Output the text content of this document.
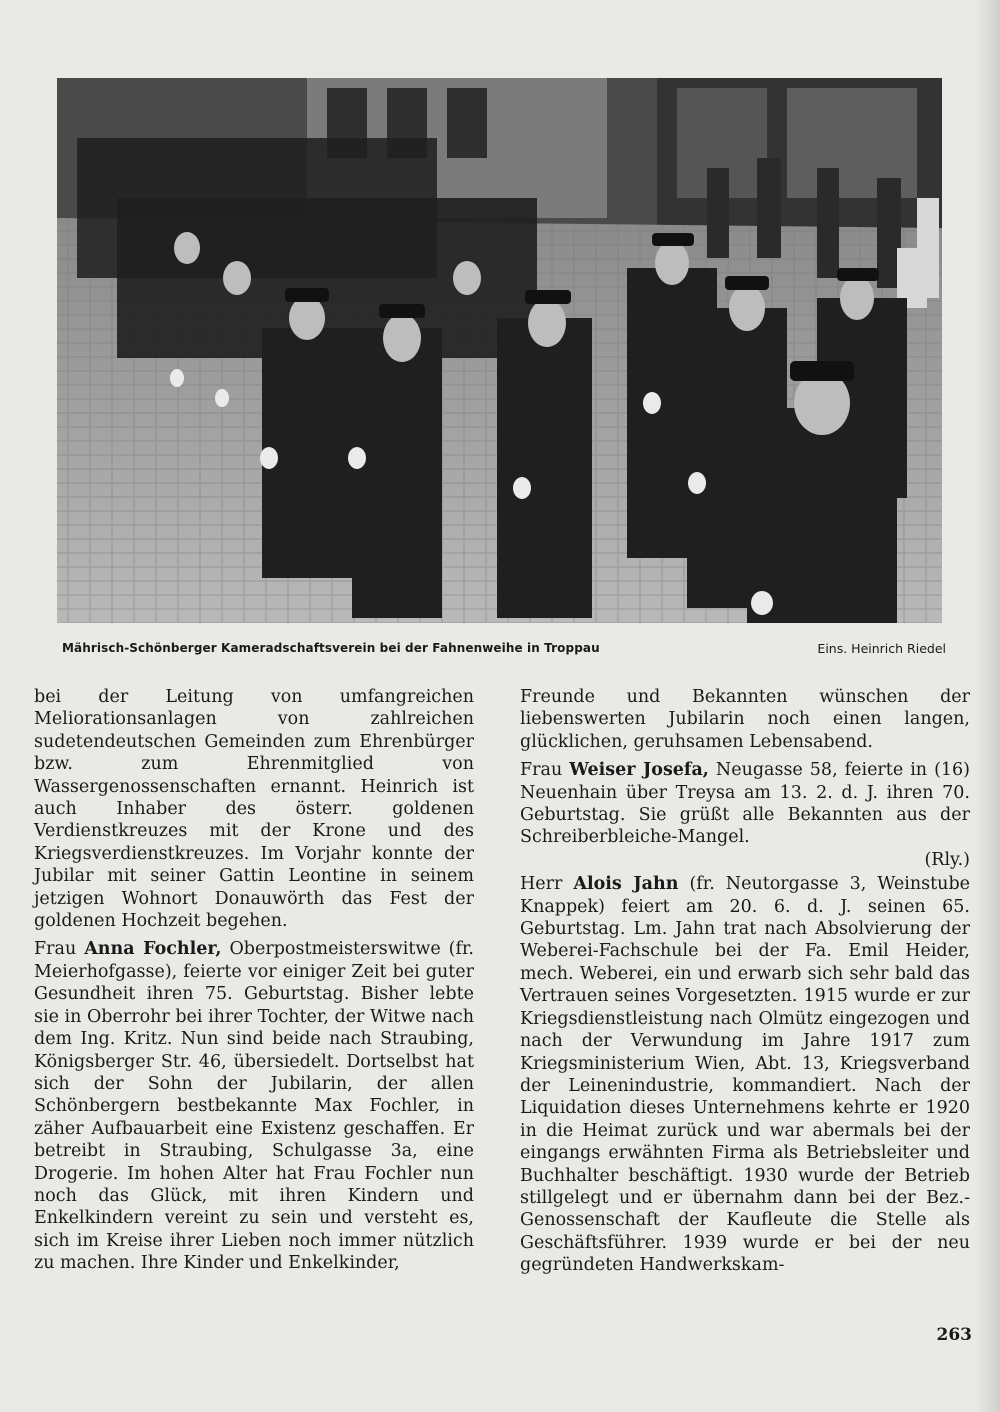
Mährisch-Schönberger Kameradschaftsverein bei der Fahnenweihe in Troppau	Eins. Heinrich Riedel

bei der Leitung von umfangreichen Meliorationsanlagen von zahlreichen sudetendeutschen Gemeinden zum Ehrenbürger bzw. zum Ehrenmitglied von Wassergenossenschaften ernannt. Heinrich ist auch Inhaber des österr. goldenen Verdienstkreuzes mit der Krone und des Kriegsverdienstkreuzes. Im Vorjahr konnte der Jubilar mit seiner Gattin Leontine in seinem jetzigen Wohnort Donauwörth das Fest der goldenen Hochzeit begehen.

Frau Anna Fochler, Oberpostmeisterswitwe (fr. Meierhofgasse), feierte vor einiger Zeit bei guter Gesundheit ihren 75. Geburtstag. Bisher lebte sie in Oberrohr bei ihrer Tochter, der Witwe nach dem Ing. Kritz. Nun sind beide nach Straubing, Königsberger Str. 46, übersiedelt. Dortselbst hat sich der Sohn der Jubilarin, der allen Schönbergern bestbekannte Max Fochler, in zäher Aufbauarbeit eine Existenz geschaffen. Er betreibt in Straubing, Schulgasse 3a, eine Drogerie. Im hohen Alter hat Frau Fochler nun noch das Glück, mit ihren Kindern und Enkelkindern vereint zu sein und versteht es, sich im Kreise ihrer Lieben noch immer nützlich zu machen. Ihre Kinder und Enkelkinder,

Freunde und Bekannten wünschen der liebenswerten Jubilarin noch einen langen, glücklichen, geruhsamen Lebensabend.

Frau Weiser Josefa, Neugasse 58, feierte in (16) Neuenhain über Treysa am 13. 2. d. J. ihren 70. Geburtstag. Sie grüßt alle Bekannten aus der Schreiberbleiche-Mangel.

(Rly.)

Herr Alois Jahn (fr. Neutorgasse 3, Weinstube Knappek) feiert am 20. 6. d. J. seinen 65. Geburtstag. Lm. Jahn trat nach Absolvierung der Weberei-Fachschule bei der Fa. Emil Heider, mech. Weberei, ein und erwarb sich sehr bald das Vertrauen seines Vorgesetzten. 1915 wurde er zur Kriegsdienstleistung nach Olmütz eingezogen und nach der Verwundung im Jahre 1917 zum Kriegsministerium Wien, Abt. 13, Kriegsverband der Leinenindustrie, kommandiert. Nach der Liquidation dieses Unternehmens kehrte er 1920 in die Heimat zurück und war abermals bei der eingangs erwähnten Firma als Betriebsleiter und Buchhalter beschäftigt. 1930 wurde der Betrieb stillgelegt und er übernahm dann bei der Bez.-Genossenschaft der Kaufleute die Stelle als Geschäftsführer. 1939 wurde er bei der neu gegründeten Handwerkskam-

263
